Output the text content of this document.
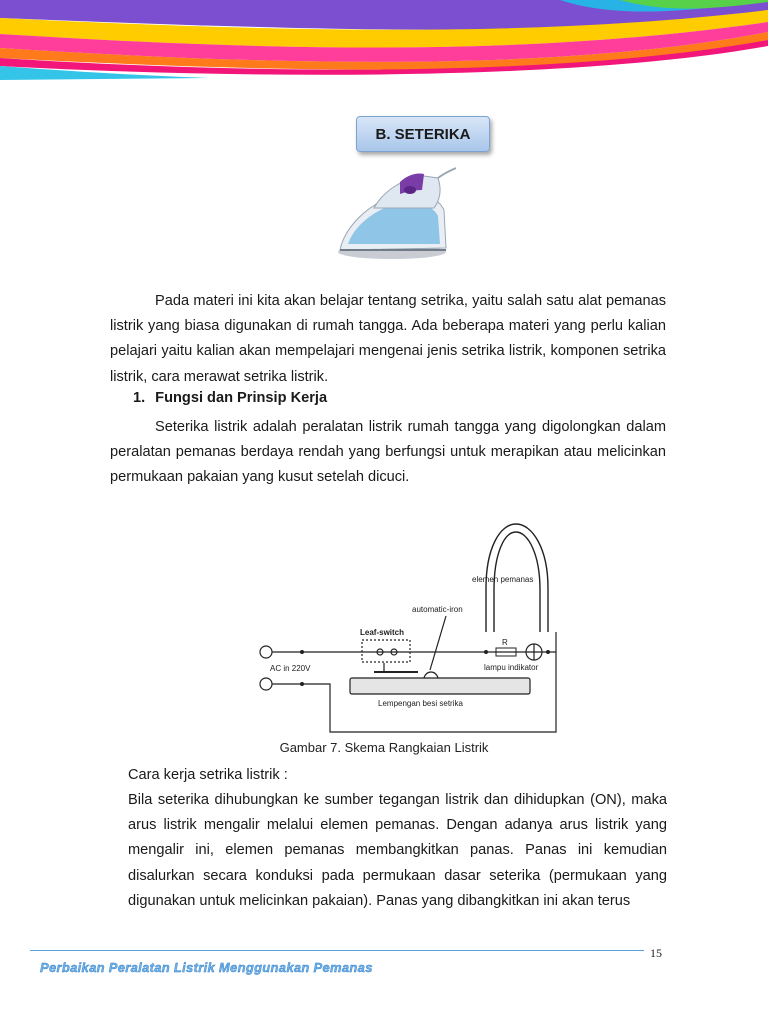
B. SETERIKA
Pada materi ini kita akan belajar tentang setrika, yaitu salah satu alat pemanas listrik yang biasa digunakan di rumah tangga. Ada beberapa materi yang perlu kalian pelajari yaitu kalian akan mempelajari mengenai jenis setrika listrik, komponen setrika listrik, cara merawat setrika listrik.
1. Fungsi dan Prinsip Kerja
Seterika listrik adalah peralatan listrik rumah tangga yang digolongkan dalam peralatan pemanas berdaya rendah yang berfungsi untuk merapikan atau melicinkan permukaan pakaian yang kusut setelah dicuci.
elemen pemanas
automatic-iron
Leaf-switch
R
lampu indikator
AC in 220V
Lempengan besi setrika
Gambar 7. Skema Rangkaian Listrik
Cara kerja setrika listrik :
Bila seterika dihubungkan ke sumber tegangan listrik dan dihidupkan (ON), maka arus listrik mengalir melalui elemen pemanas. Dengan adanya arus listrik yang mengalir ini, elemen pemanas membangkitkan panas. Panas ini kemudian disalurkan secara konduksi pada permukaan dasar seterika (permukaan yang digunakan untuk melicinkan pakaian). Panas yang dibangkitkan ini akan terus
15
Perbaikan Peralatan Listrik Menggunakan Pemanas
